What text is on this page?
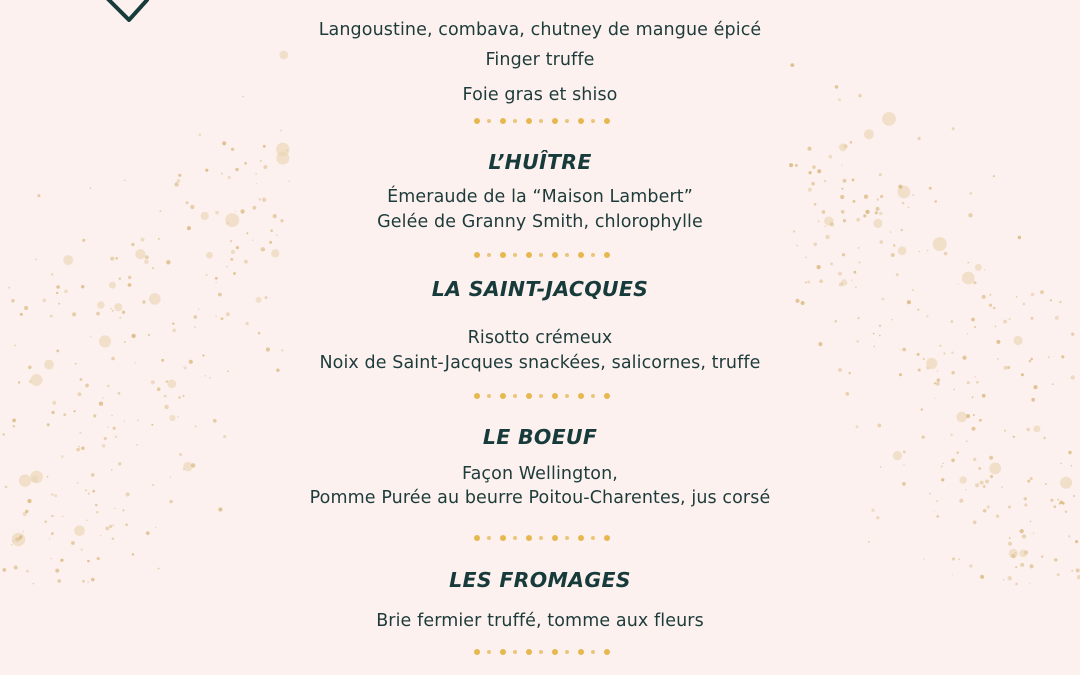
Langoustine, combava, chutney de mangue épicé
Finger truffe
Foie gras et shiso
L’HUÎTRE
Émeraude de la “Maison Lambert”
Gelée de Granny Smith, chlorophylle
LA SAINT-JACQUES
Risotto crémeux
Noix de Saint-Jacques snackées, salicornes, truffe
LE BOEUF
Façon Wellington,
Pomme Purée au beurre Poitou-Charentes, jus corsé
LES FROMAGES
Brie fermier truffé, tomme aux fleurs
